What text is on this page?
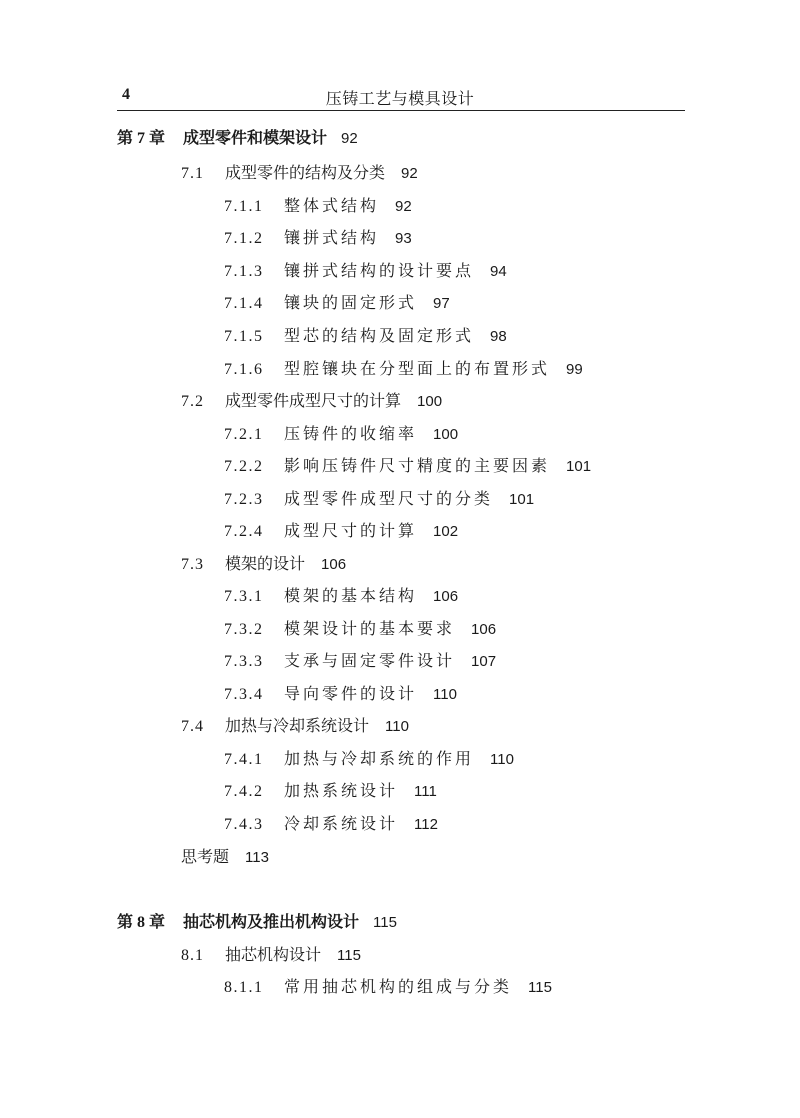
4	压铸工艺与模具设计
第 7 章 成型零件和模架设计 92
7.1 成型零件的结构及分类 92
7.1.1 整体式结构 92
7.1.2 镶拼式结构 93
7.1.3 镶拼式结构的设计要点 94
7.1.4 镶块的固定形式 97
7.1.5 型芯的结构及固定形式 98
7.1.6 型腔镶块在分型面上的布置形式 99
7.2 成型零件成型尺寸的计算 100
7.2.1 压铸件的收缩率 100
7.2.2 影响压铸件尺寸精度的主要因素 101
7.2.3 成型零件成型尺寸的分类 101
7.2.4 成型尺寸的计算 102
7.3 模架的设计 106
7.3.1 模架的基本结构 106
7.3.2 模架设计的基本要求 106
7.3.3 支承与固定零件设计 107
7.3.4 导向零件的设计 110
7.4 加热与冷却系统设计 110
7.4.1 加热与冷却系统的作用 110
7.4.2 加热系统设计 111
7.4.3 冷却系统设计 112
思考题 113
第 8 章 抽芯机构及推出机构设计 115
8.1 抽芯机构设计 115
8.1.1 常用抽芯机构的组成与分类 115
